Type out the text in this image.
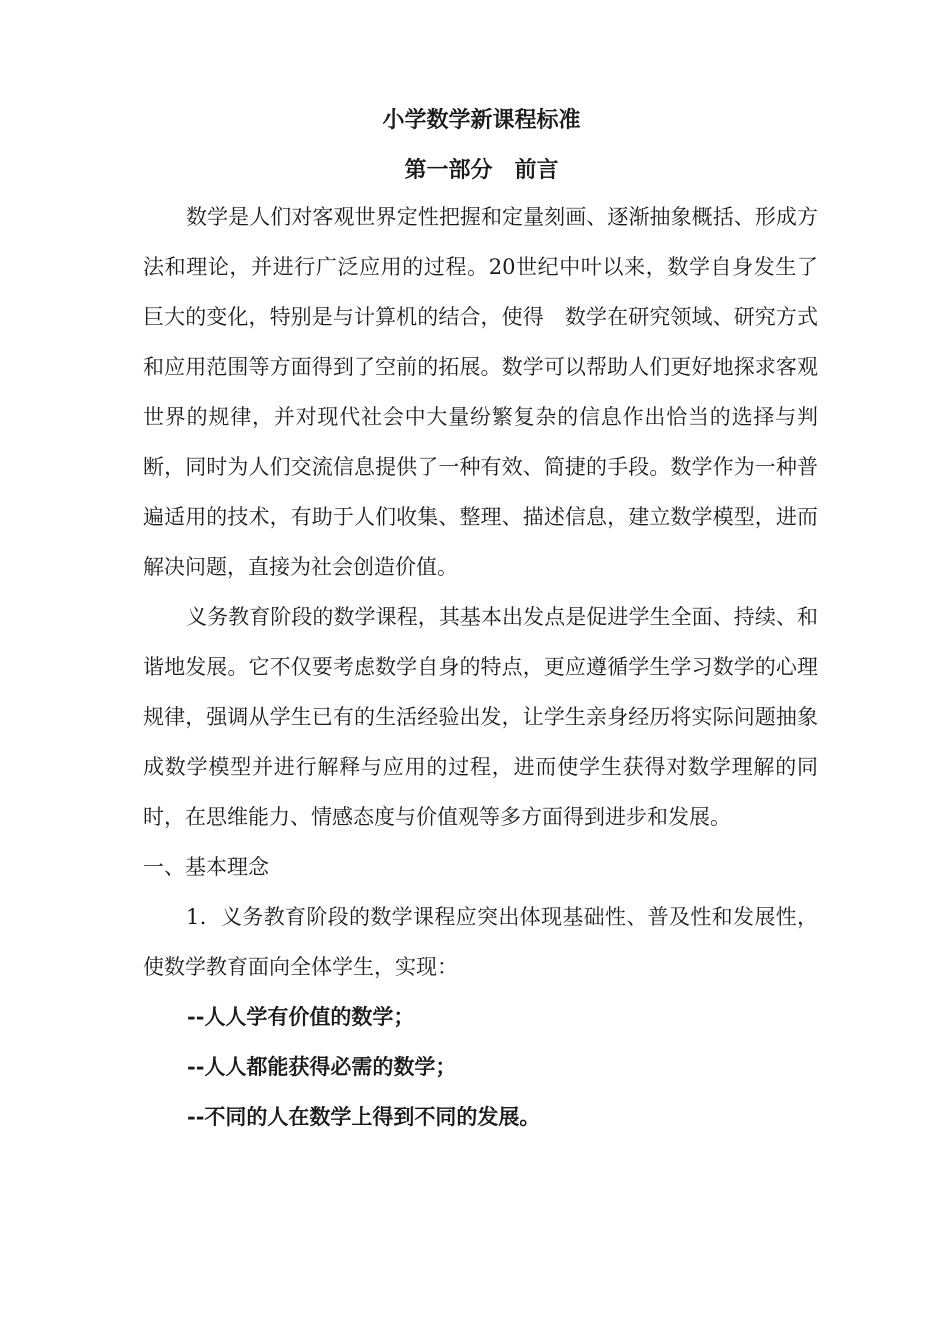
小学数学新课程标准
第一部分　前言

数学是人们对客观世界定性把握和定量刻画、逐渐抽象概括、形成方法和理论，并进行广泛应用的过程。20世纪中叶以来，数学自身发生了巨大的变化，特别是与计算机的结合，使得　数学在研究领域、研究方式和应用范围等方面得到了空前的拓展。数学可以帮助人们更好地探求客观世界的规律，并对现代社会中大量纷繁复杂的信息作出恰当的选择与判断，同时为人们交流信息提供了一种有效、简捷的手段。数学作为一种普遍适用的技术，有助于人们收集、整理、描述信息，建立数学模型，进而解决问题，直接为社会创造价值。

义务教育阶段的数学课程，其基本出发点是促进学生全面、持续、和谐地发展。它不仅要考虑数学自身的特点，更应遵循学生学习数学的心理规律，强调从学生已有的生活经验出发，让学生亲身经历将实际问题抽象成数学模型并进行解释与应用的过程，进而使学生获得对数学理解的同时，在思维能力、情感态度与价值观等多方面得到进步和发展。

一、基本理念

1．义务教育阶段的数学课程应突出体现基础性、普及性和发展性，使数学教育面向全体学生，实现：

--人人学有价值的数学；

--人人都能获得必需的数学；

--不同的人在数学上得到不同的发展。
